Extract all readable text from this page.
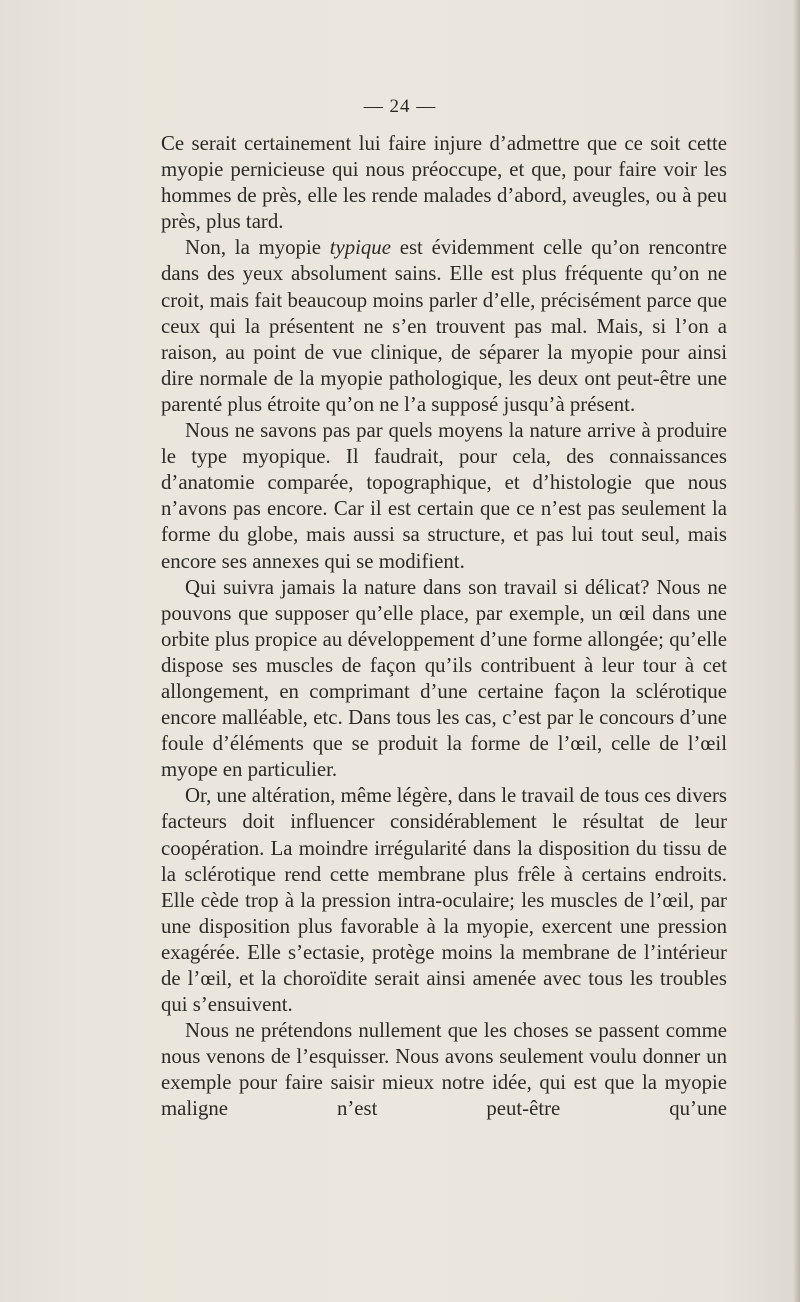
— 24 —

Ce serait certainement lui faire injure d’admettre que ce soit cette myopie pernicieuse qui nous préoccupe, et que, pour faire voir les hommes de près, elle les rende malades d’abord, aveugles, ou à peu près, plus tard.

Non, la myopie typique est évidemment celle qu’on rencontre dans des yeux absolument sains. Elle est plus fréquente qu’on ne croit, mais fait beaucoup moins parler d’elle, précisément parce que ceux qui la présentent ne s’en trouvent pas mal. Mais, si l’on a raison, au point de vue clinique, de séparer la myopie pour ainsi dire normale de la myopie pathologique, les deux ont peut-être une parenté plus étroite qu’on ne l’a supposé jusqu’à présent.

Nous ne savons pas par quels moyens la nature arrive à produire le type myopique. Il faudrait, pour cela, des connaissances d’anatomie comparée, topographique, et d’histologie que nous n’avons pas encore. Car il est certain que ce n’est pas seulement la forme du globe, mais aussi sa structure, et pas lui tout seul, mais encore ses annexes qui se modifient.

Qui suivra jamais la nature dans son travail si délicat? Nous ne pouvons que supposer qu’elle place, par exemple, un œil dans une orbite plus propice au développement d’une forme allongée; qu’elle dispose ses muscles de façon qu’ils contribuent à leur tour à cet allongement, en comprimant d’une certaine façon la sclérotique encore malléable, etc. Dans tous les cas, c’est par le concours d’une foule d’éléments que se produit la forme de l’œil, celle de l’œil myope en particulier.

Or, une altération, même légère, dans le travail de tous ces divers facteurs doit influencer considérablement le résultat de leur coopération. La moindre irrégularité dans la disposition du tissu de la sclérotique rend cette membrane plus frêle à certains endroits. Elle cède trop à la pression intra-oculaire; les muscles de l’œil, par une disposition plus favorable à la myopie, exercent une pression exagérée. Elle s’ectasie, protège moins la membrane de l’intérieur de l’œil, et la choroïdite serait ainsi amenée avec tous les troubles qui s’ensuivent.

Nous ne prétendons nullement que les choses se passent comme nous venons de l’esquisser. Nous avons seulement voulu donner un exemple pour faire saisir mieux notre idée, qui est que la myopie maligne n’est peut-être qu’une
